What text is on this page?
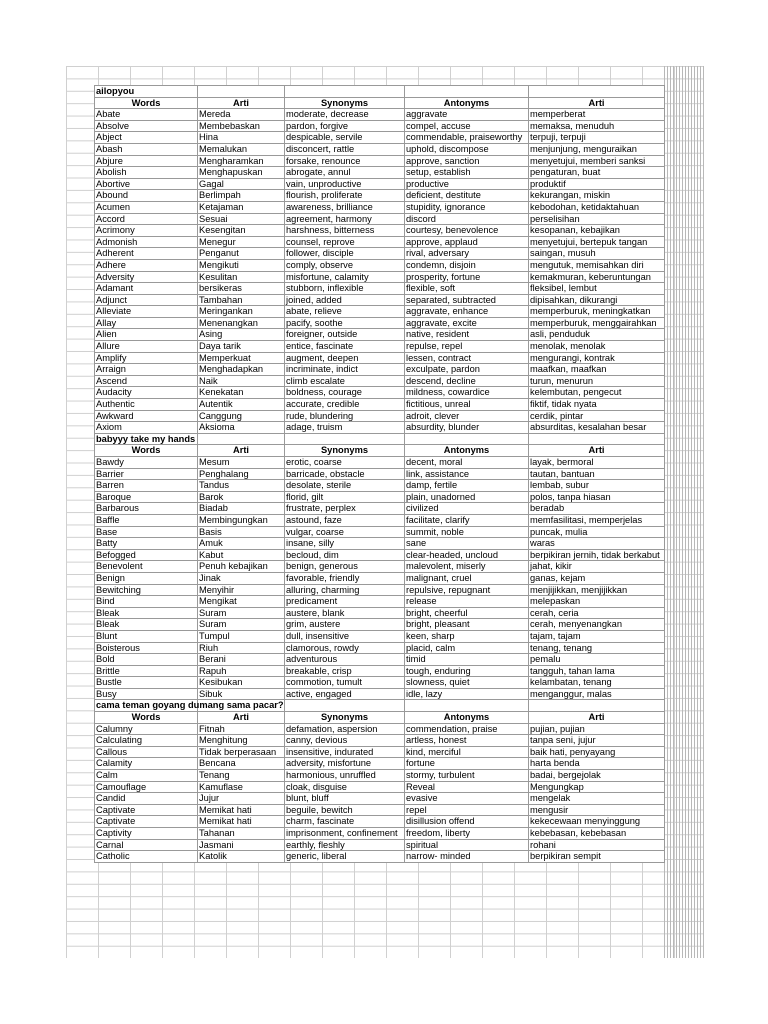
ailopyou				
Words	Arti	Synonyms	Antonyms	Arti
Abate	Mereda	moderate, decrease	aggravate	memperberat
Absolve	Membebaskan	pardon, forgive	compel, accuse	memaksa, menuduh
Abject	Hina	despicable, servile	commendable, praiseworthy	terpuji, terpuji
Abash	Memalukan	disconcert, rattle	uphold, discompose	menjunjung, menguraikan
Abjure	Mengharamkan	forsake, renounce	approve, sanction	menyetujui, memberi sanksi
Abolish	Menghapuskan	abrogate, annul	setup, establish	pengaturan, buat
Abortive	Gagal	vain, unproductive	productive	produktif
Abound	Berlimpah	flourish, proliferate	deficient, destitute	kekurangan, miskin
Acumen	Ketajaman	awareness, brilliance	stupidity, ignorance	kebodohan, ketidaktahuan
Accord	Sesuai	agreement, harmony	discord	perselisihan
Acrimony	Kesengitan	harshness, bitterness	courtesy, benevolence	kesopanan, kebajikan
Admonish	Menegur	counsel, reprove	approve, applaud	menyetujui, bertepuk tangan
Adherent	Penganut	follower, disciple	rival, adversary	saingan, musuh
Adhere	Mengikuti	comply, observe	condemn, disjoin	mengutuk, memisahkan diri
Adversity	Kesulitan	misfortune, calamity	prosperity, fortune	kemakmuran, keberuntungan
Adamant	bersikeras	stubborn, inflexible	flexible, soft	fleksibel, lembut
Adjunct	Tambahan	joined, added	separated, subtracted	dipisahkan, dikurangi
Alleviate	Meringankan	abate, relieve	aggravate, enhance	memperburuk, meningkatkan
Allay	Menenangkan	pacify, soothe	aggravate, excite	memperburuk, menggairahkan
Alien	Asing	foreigner, outside	native, resident	asli, penduduk
Allure	Daya tarik	entice, fascinate	repulse, repel	menolak, menolak
Amplify	Memperkuat	augment, deepen	lessen, contract	mengurangi, kontrak
Arraign	Menghadapkan	incriminate, indict	exculpate, pardon	maafkan, maafkan
Ascend	Naik	climb escalate	descend, decline	turun, menurun
Audacity	Kenekatan	boldness, courage	mildness, cowardice	kelembutan, pengecut
Authentic	Autentik	accurate, credible	fictitious, unreal	fiktif, tidak nyata
Awkward	Canggung	rude, blundering	adroit, clever	cerdik, pintar
Axiom	Aksioma	adage, truism	absurdity, blunder	absurditas, kesalahan besar
babyyy take my hands				
Words	Arti	Synonyms	Antonyms	Arti
Bawdy	Mesum	erotic, coarse	decent, moral	layak, bermoral
Barrier	Penghalang	barricade, obstacle	link, assistance	tautan, bantuan
Barren	Tandus	desolate, sterile	damp, fertile	lembab, subur
Baroque	Barok	florid, gilt	plain, unadorned	polos, tanpa hiasan
Barbarous	Biadab	frustrate, perplex	civilized	beradab
Baffle	Membingungkan	astound, faze	facilitate, clarify	memfasilitasi, memperjelas
Base	Basis	vulgar, coarse	summit, noble	puncak, mulia
Batty	Amuk	insane, silly	sane	waras
Befogged	Kabut	becloud, dim	clear-headed, uncloud	berpikiran jernih, tidak berkabut
Benevolent	Penuh kebajikan	benign, generous	malevolent, miserly	jahat, kikir
Benign	Jinak	favorable, friendly	malignant, cruel	ganas, kejam
Bewitching	Menyihir	alluring, charming	repulsive, repugnant	menjijikkan, menjijikkan
Bind	Mengikat	predicament	release	melepaskan
Bleak	Suram	austere, blank	bright, cheerful	cerah, ceria
Bleak	Suram	grim, austere	bright, pleasant	cerah, menyenangkan
Blunt	Tumpul	dull, insensitive	keen, sharp	tajam, tajam
Boisterous	Riuh	clamorous, rowdy	placid, calm	tenang, tenang
Bold	Berani	adventurous	timid	pemalu
Brittle	Rapuh	breakable, crisp	tough, enduring	tangguh, tahan lama
Bustle	Kesibukan	commotion, tumult	slowness, quiet	kelambatan, tenang
Busy	Sibuk	active, engaged	idle, lazy	menganggur, malas
cama teman goyang dumang sama pacar?				
Words	Arti	Synonyms	Antonyms	Arti
Calumny	Fitnah	defamation, aspersion	commendation, praise	pujian, pujian
Calculating	Menghitung	canny, devious	artless, honest	tanpa seni, jujur
Callous	Tidak berperasaan	insensitive, indurated	kind, merciful	baik hati, penyayang
Calamity	Bencana	adversity, misfortune	fortune	harta benda
Calm	Tenang	harmonious, unruffled	stormy, turbulent	badai, bergejolak
Camouflage	Kamuflase	cloak, disguise	Reveal	Mengungkap
Candid	Jujur	blunt, bluff	evasive	mengelak
Captivate	Memikat hati	beguile, bewitch	repel	mengusir
Captivate	Memikat hati	charm, fascinate	disillusion offend	kekecewaan menyinggung
Captivity	Tahanan	imprisonment, confinement	freedom, liberty	kebebasan, kebebasan
Carnal	Jasmani	earthly, fleshly	spiritual	rohani
Catholic	Katolik	generic, liberal	narrow- minded	berpikiran sempit
